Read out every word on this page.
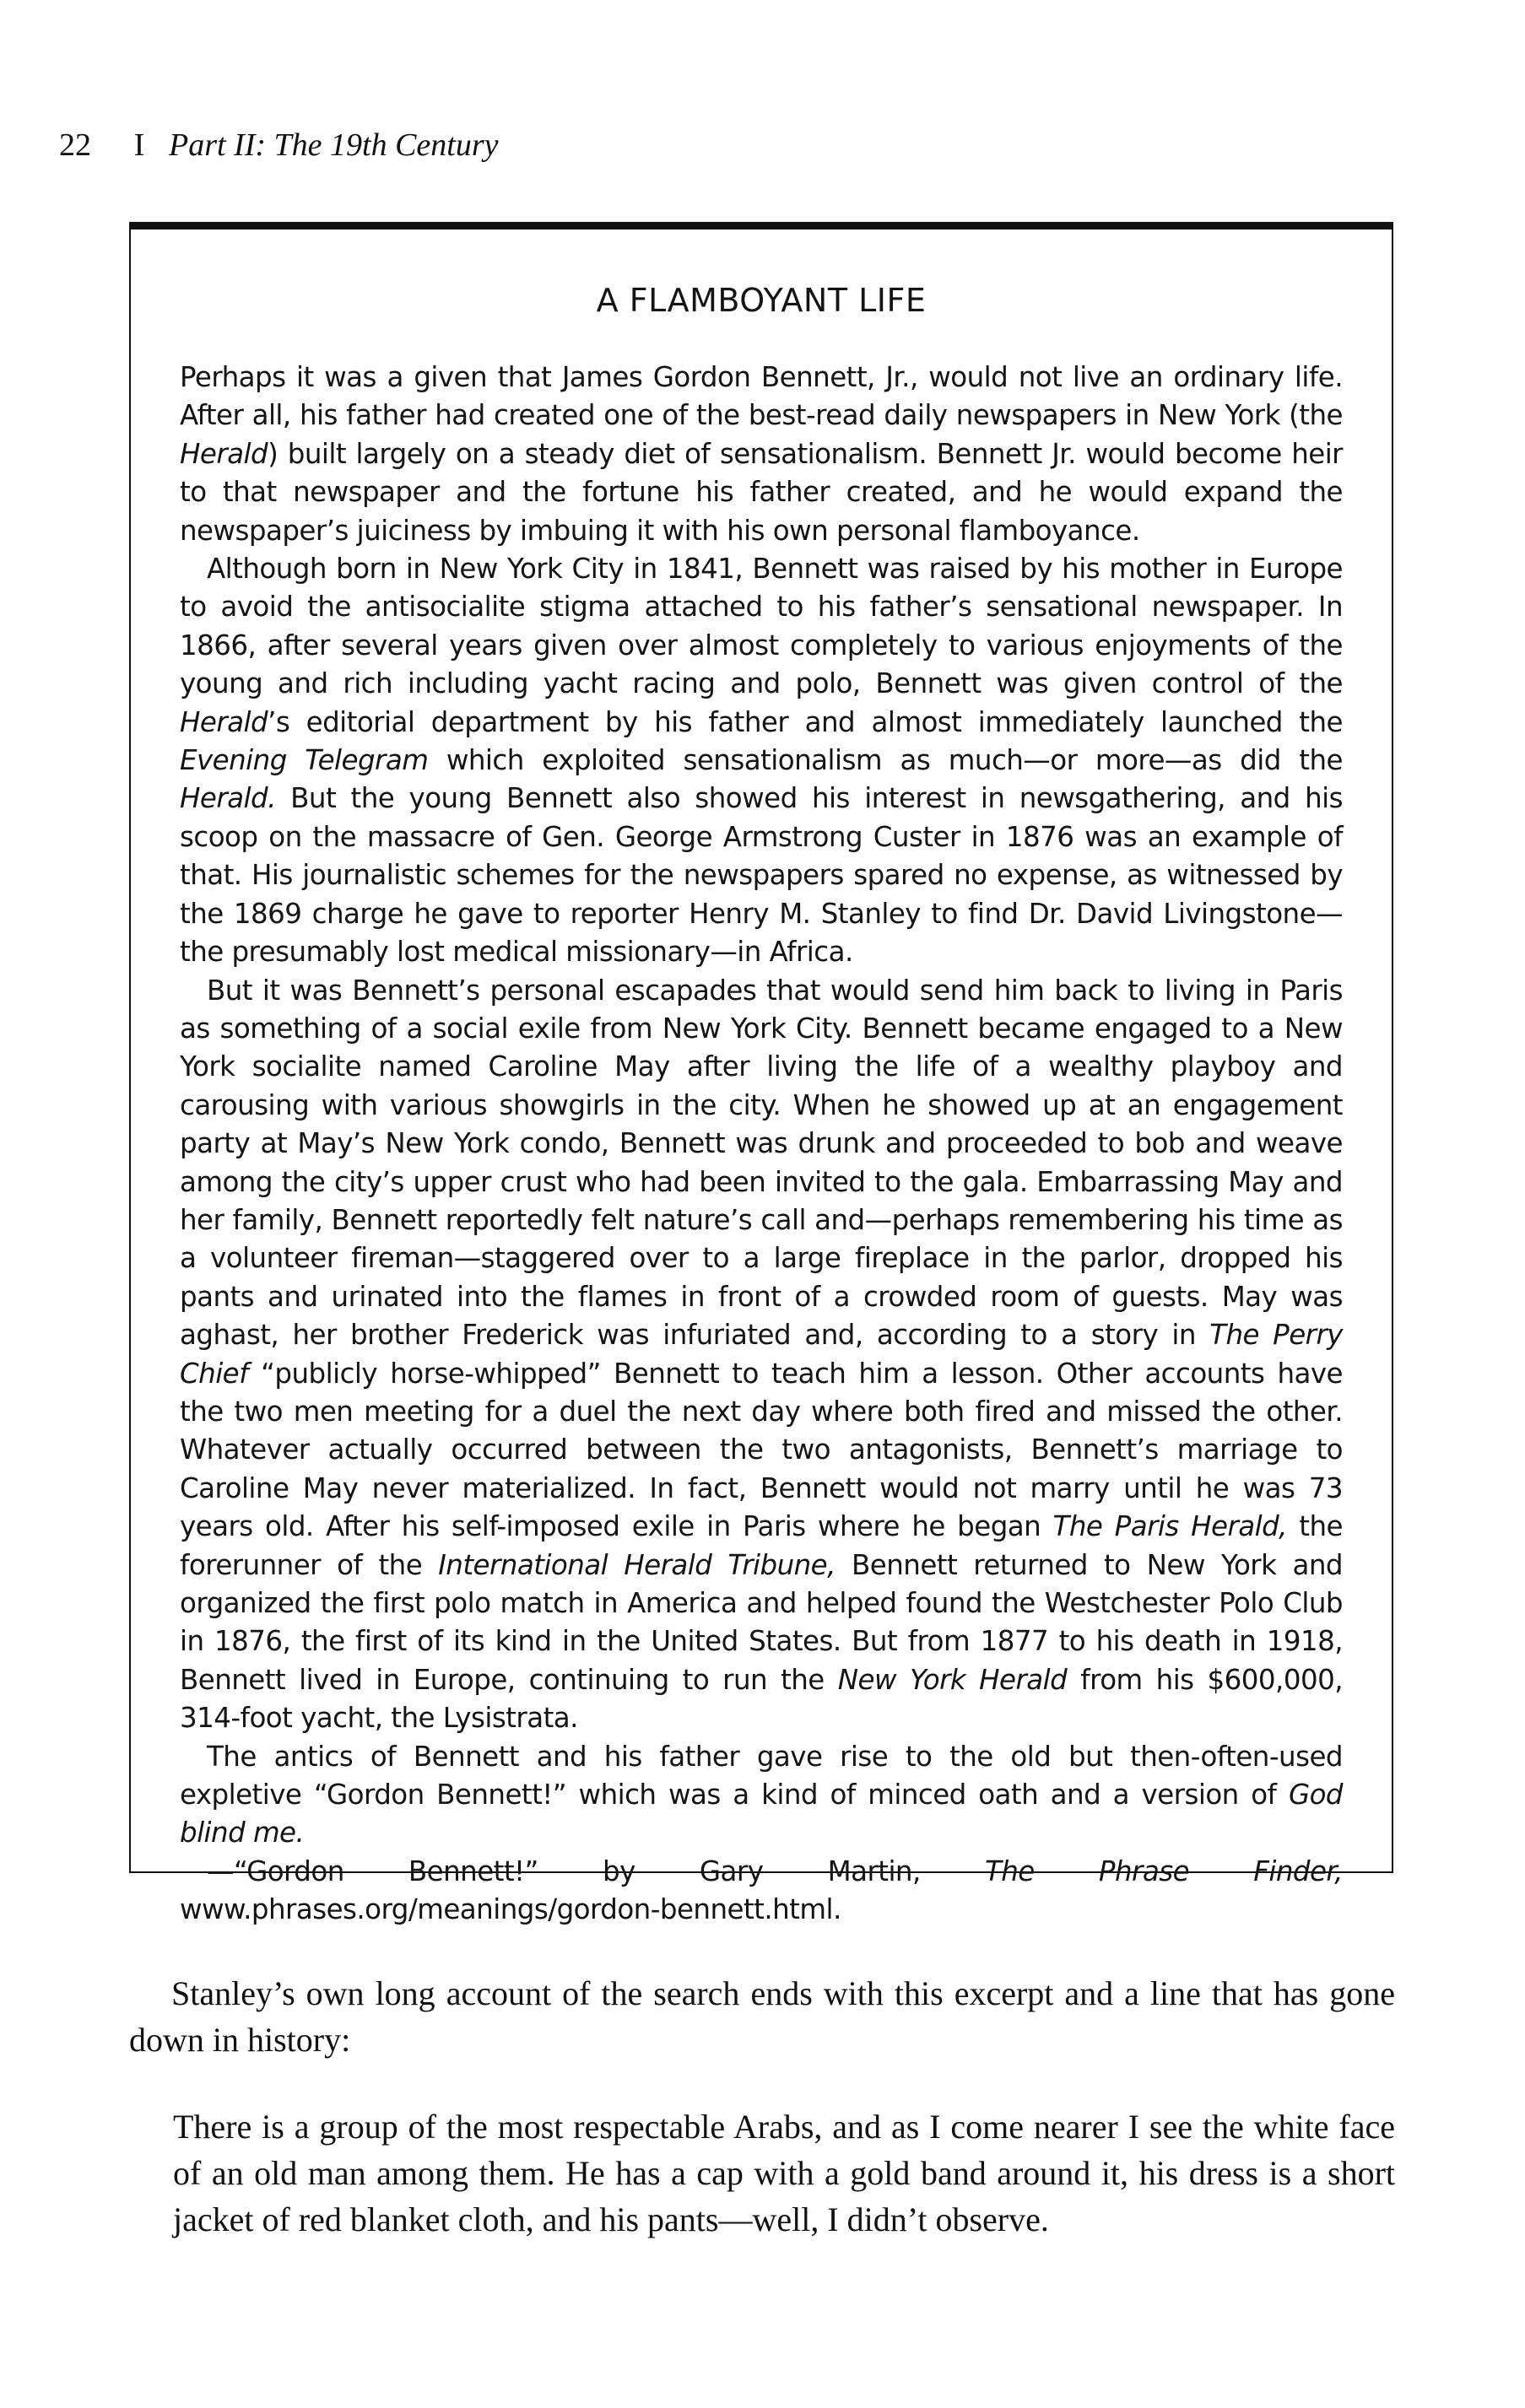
22 I Part II: The 19th Century
A FLAMBOYANT LIFE

Perhaps it was a given that James Gordon Bennett, Jr., would not live an ordinary life. After all, his father had created one of the best-read daily newspapers in New York (the Herald) built largely on a steady diet of sensationalism. Bennett Jr. would become heir to that newspaper and the fortune his father created, and he would expand the newspaper’s juiciness by imbuing it with his own personal flamboyance.

Although born in New York City in 1841, Bennett was raised by his mother in Europe to avoid the antisocialite stigma attached to his father’s sensational newspaper. In 1866, after several years given over almost completely to various enjoyments of the young and rich including yacht racing and polo, Bennett was given control of the Herald’s editorial department by his father and almost immediately launched the Evening Telegram which exploited sensationalism as much—or more—as did the Herald. But the young Bennett also showed his interest in newsgathering, and his scoop on the massacre of Gen. George Armstrong Custer in 1876 was an example of that. His journalistic schemes for the newspapers spared no expense, as witnessed by the 1869 charge he gave to reporter Henry M. Stanley to find Dr. David Livingstone—the presumably lost medical missionary—in Africa.

But it was Bennett’s personal escapades that would send him back to living in Paris as something of a social exile from New York City. Bennett became engaged to a New York socialite named Caroline May after living the life of a wealthy playboy and carousing with various showgirls in the city. When he showed up at an engagement party at May’s New York condo, Bennett was drunk and proceeded to bob and weave among the city’s upper crust who had been invited to the gala. Embarrassing May and her family, Bennett reportedly felt nature’s call and—perhaps remembering his time as a volunteer fireman—staggered over to a large fireplace in the parlor, dropped his pants and urinated into the flames in front of a crowded room of guests. May was aghast, her brother Frederick was infuriated and, according to a story in The Perry Chief “publicly horse-whipped” Bennett to teach him a lesson. Other accounts have the two men meeting for a duel the next day where both fired and missed the other. Whatever actually occurred between the two antagonists, Bennett’s marriage to Caroline May never materialized. In fact, Bennett would not marry until he was 73 years old. After his self-imposed exile in Paris where he began The Paris Herald, the forerunner of the International Herald Tribune, Bennett returned to New York and organized the first polo match in America and helped found the Westchester Polo Club in 1876, the first of its kind in the United States. But from 1877 to his death in 1918, Bennett lived in Europe, continuing to run the New York Herald from his $600,000, 314-foot yacht, the Lysistrata.

The antics of Bennett and his father gave rise to the old but then-often-used expletive “Gordon Bennett!” which was a kind of minced oath and a version of God blind me.

—“Gordon Bennett!” by Gary Martin, The Phrase Finder, www.phrases.org/meanings/gordon-bennett.html.

Stanley’s own long account of the search ends with this excerpt and a line that has gone down in history:

There is a group of the most respectable Arabs, and as I come nearer I see the white face of an old man among them. He has a cap with a gold band around it, his dress is a short jacket of red blanket cloth, and his pants—well, I didn’t observe.
